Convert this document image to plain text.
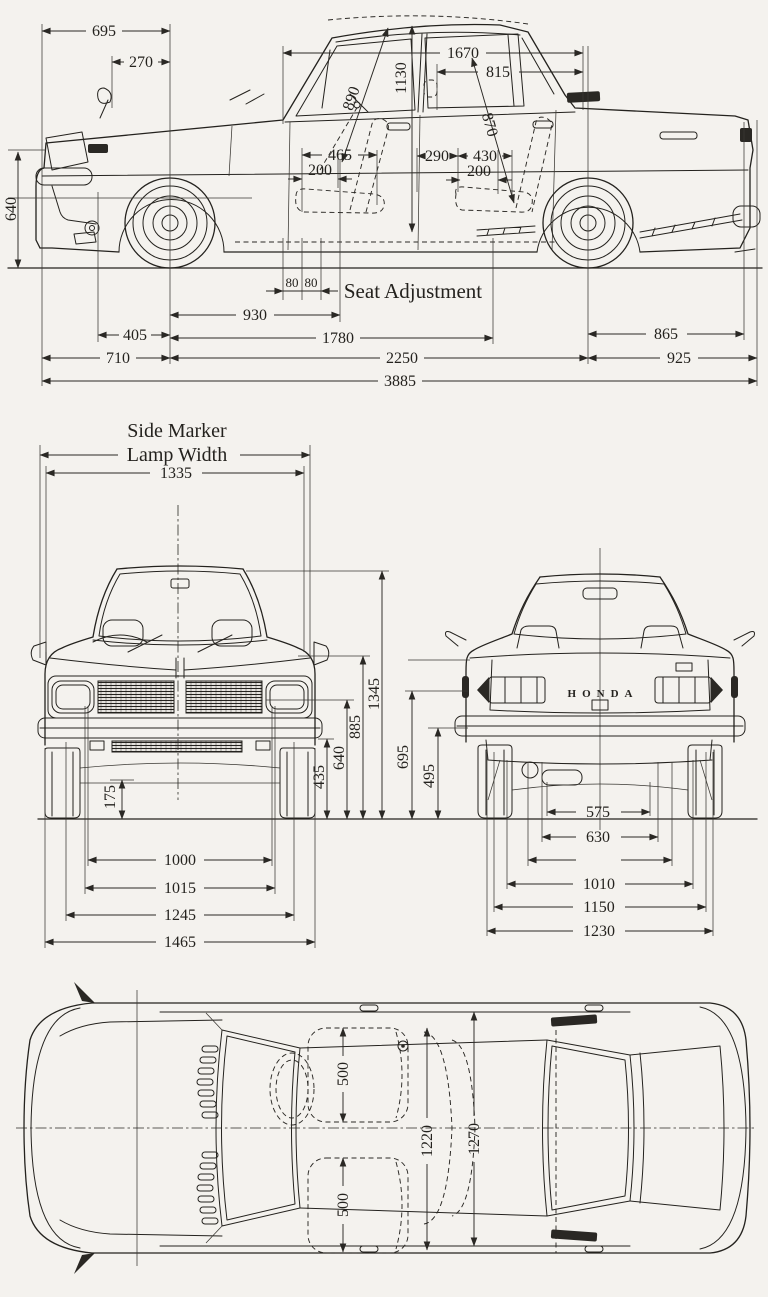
695
270
1670
815
890
1130
870
465
200
290 430
200
640
80 80 Seat Adjustment
930
405	1780	865
710	2250	925
3885
Side Marker
Lamp Width
1335
435
640
885
1345
175
1000
1015
1245
1465
HONDA
695
495
575
630
1010
1150
1230
500
500
1220 1270
